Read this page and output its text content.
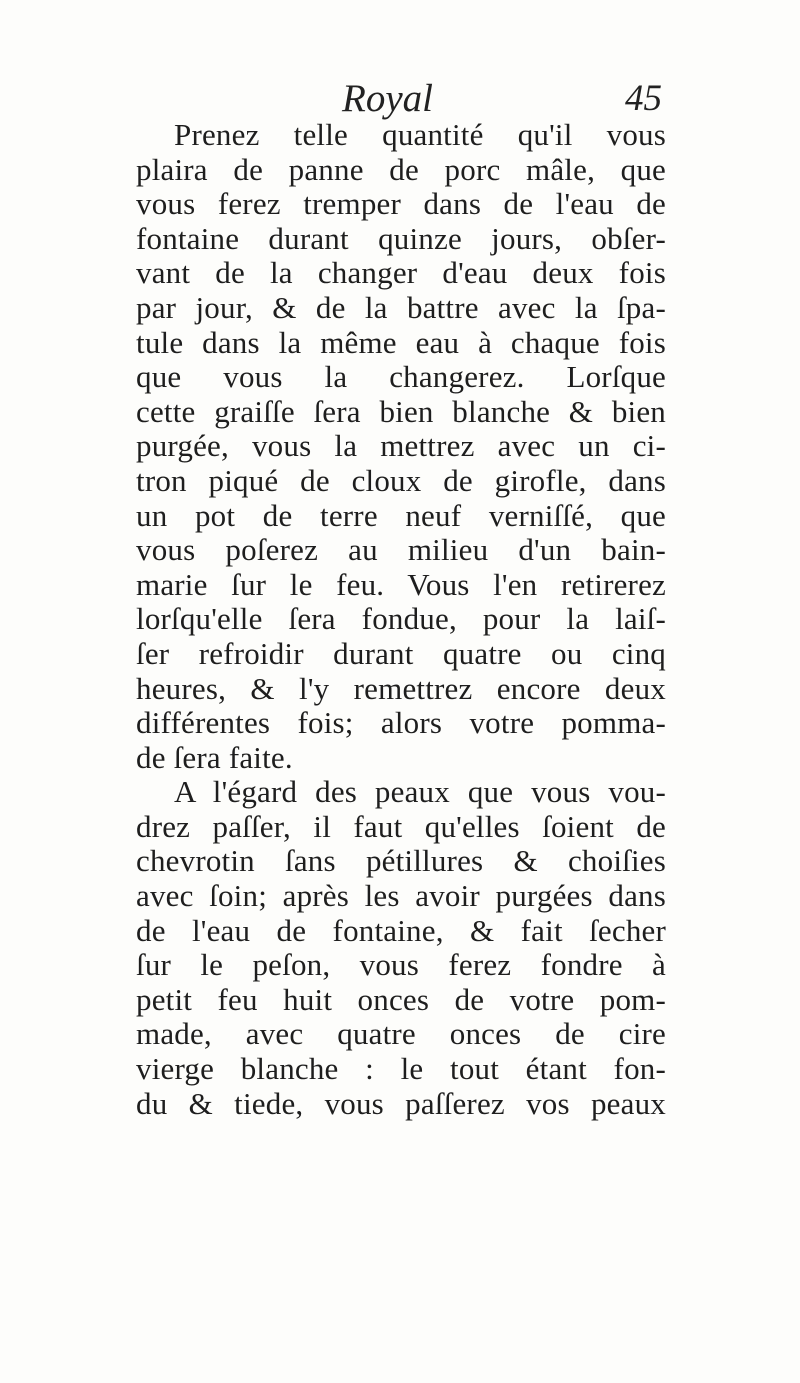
Royal	45
Prenez telle quantité qu'il vous
plaira de panne de porc mâle, que
vous ferez tremper dans de l'eau de
fontaine durant quinze jours, obſer-
vant de la changer d'eau deux fois
par jour, & de la battre avec la ſpa-
tule dans la même eau à chaque fois
que vous la changerez. Lorſque
cette graiſſe ſera bien blanche & bien
purgée, vous la mettrez avec un ci-
tron piqué de cloux de girofle, dans
un pot de terre neuf verniſſé, que
vous poſerez au milieu d'un bain-
marie ſur le feu. Vous l'en retirerez
lorſqu'elle ſera fondue, pour la laiſ-
ſer refroidir durant quatre ou cinq
heures, & l'y remettrez encore deux
différentes fois; alors votre pomma-
de ſera faite.
A l'égard des peaux que vous vou-
drez paſſer, il faut qu'elles ſoient de
chevrotin ſans pétillures & choiſies
avec ſoin; après les avoir purgées dans
de l'eau de fontaine, & fait ſecher
ſur le peſon, vous ferez fondre à
petit feu huit onces de votre pom-
made, avec quatre onces de cire
vierge blanche : le tout étant fon-
du & tiede, vous paſſerez vos peaux
